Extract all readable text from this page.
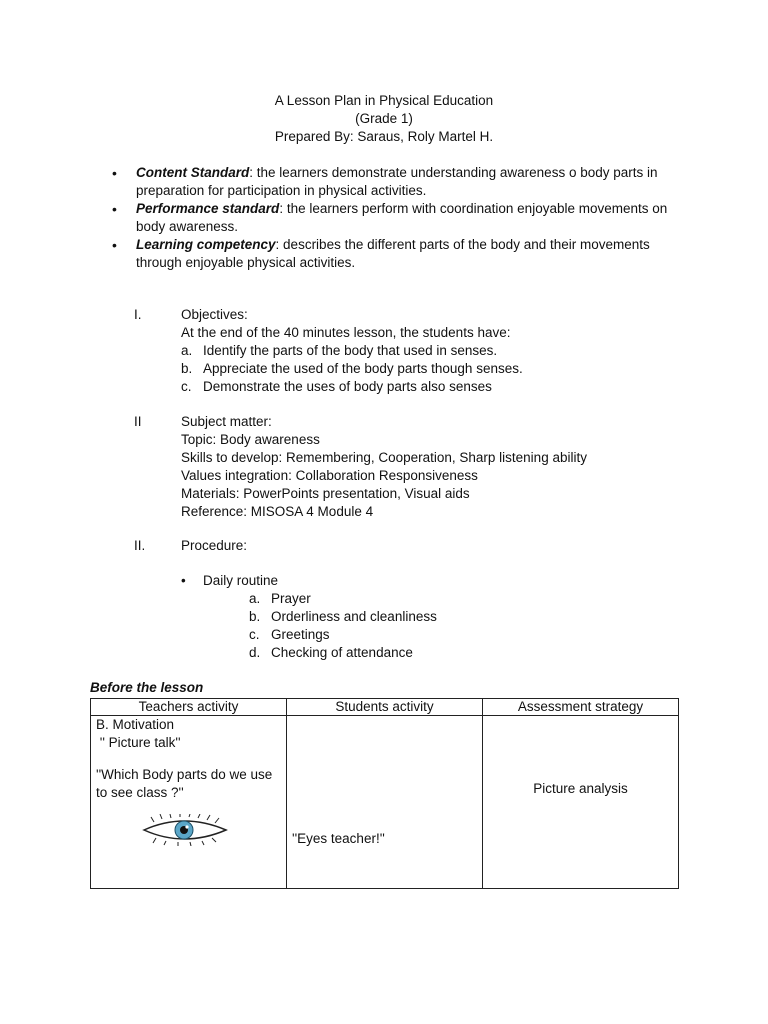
A Lesson Plan in Physical Education
(Grade 1)
Prepared By: Saraus, Roly Martel H.
• Content Standard: the learners demonstrate understanding awareness o body parts in preparation for participation in physical activities.
• Performance standard: the learners perform with coordination enjoyable movements on body awareness.
• Learning competency: describes the different parts of the body and their movements through enjoyable physical activities.
I.	Objectives:
At the end of the 40 minutes lesson, the students have:
a. Identify the parts of the body that used in senses.
b. Appreciate the used of the body parts though senses.
c. Demonstrate the uses of body parts also senses
II	Subject matter:
Topic: Body awareness
Skills to develop: Remembering, Cooperation, Sharp listening ability
Values integration: Collaboration Responsiveness
Materials: PowerPoints presentation, Visual aids
Reference: MISOSA 4 Module 4
II.	Procedure:
• Daily routine
a. Prayer
b. Orderliness and cleanliness
c. Greetings
d. Checking of attendance
Before the lesson
Teachers activity	Students activity	Assessment strategy

B. Motivation
'' Picture talk''
''Which Body parts do we use
to see class ?''	''Eyes teacher!''	Picture analysis
